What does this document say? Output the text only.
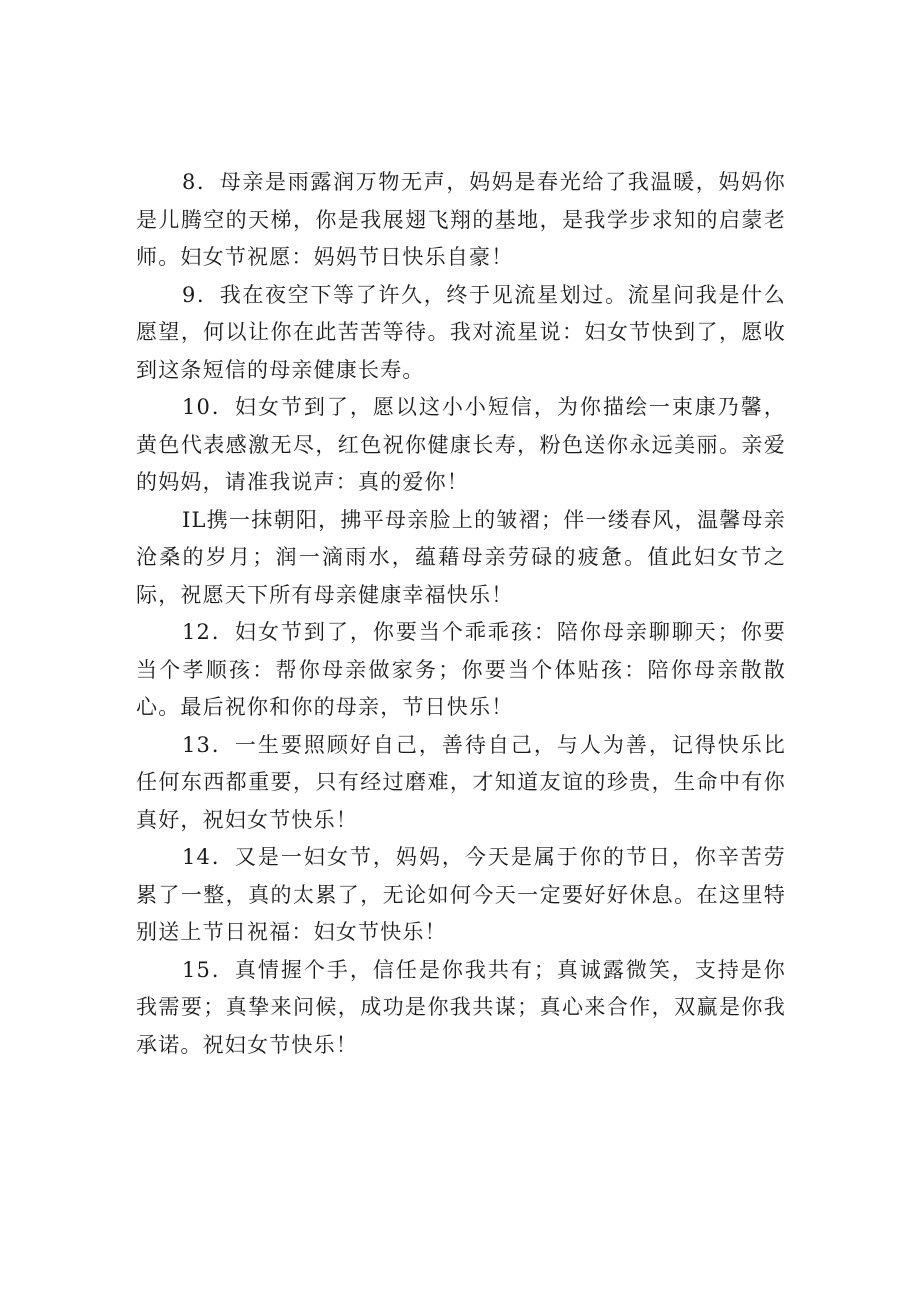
8．母亲是雨露润万物无声，妈妈是春光给了我温暖，妈妈你是儿腾空的天梯，你是我展翅飞翔的基地，是我学步求知的启蒙老师。妇女节祝愿：妈妈节日快乐自豪！

9．我在夜空下等了许久，终于见流星划过。流星问我是什么愿望，何以让你在此苦苦等待。我对流星说：妇女节快到了，愿收到这条短信的母亲健康长寿。

10．妇女节到了，愿以这小小短信，为你描绘一束康乃馨，黄色代表感激无尽，红色祝你健康长寿，粉色送你永远美丽。亲爱的妈妈，请准我说声：真的爱你！

IL携一抹朝阳，拂平母亲脸上的皱褶；伴一缕春风，温馨母亲沧桑的岁月；润一滴雨水，蕴藉母亲劳碌的疲惫。值此妇女节之际，祝愿天下所有母亲健康幸福快乐！

12．妇女节到了，你要当个乖乖孩：陪你母亲聊聊天；你要当个孝顺孩：帮你母亲做家务；你要当个体贴孩：陪你母亲散散心。最后祝你和你的母亲，节日快乐！

13．一生要照顾好自己，善待自己，与人为善，记得快乐比任何东西都重要，只有经过磨难，才知道友谊的珍贵，生命中有你真好，祝妇女节快乐！

14．又是一妇女节，妈妈，今天是属于你的节日，你辛苦劳累了一整，真的太累了，无论如何今天一定要好好休息。在这里特别送上节日祝福：妇女节快乐！

15．真情握个手，信任是你我共有；真诚露微笑，支持是你我需要；真挚来问候，成功是你我共谋；真心来合作，双赢是你我承诺。祝妇女节快乐！
